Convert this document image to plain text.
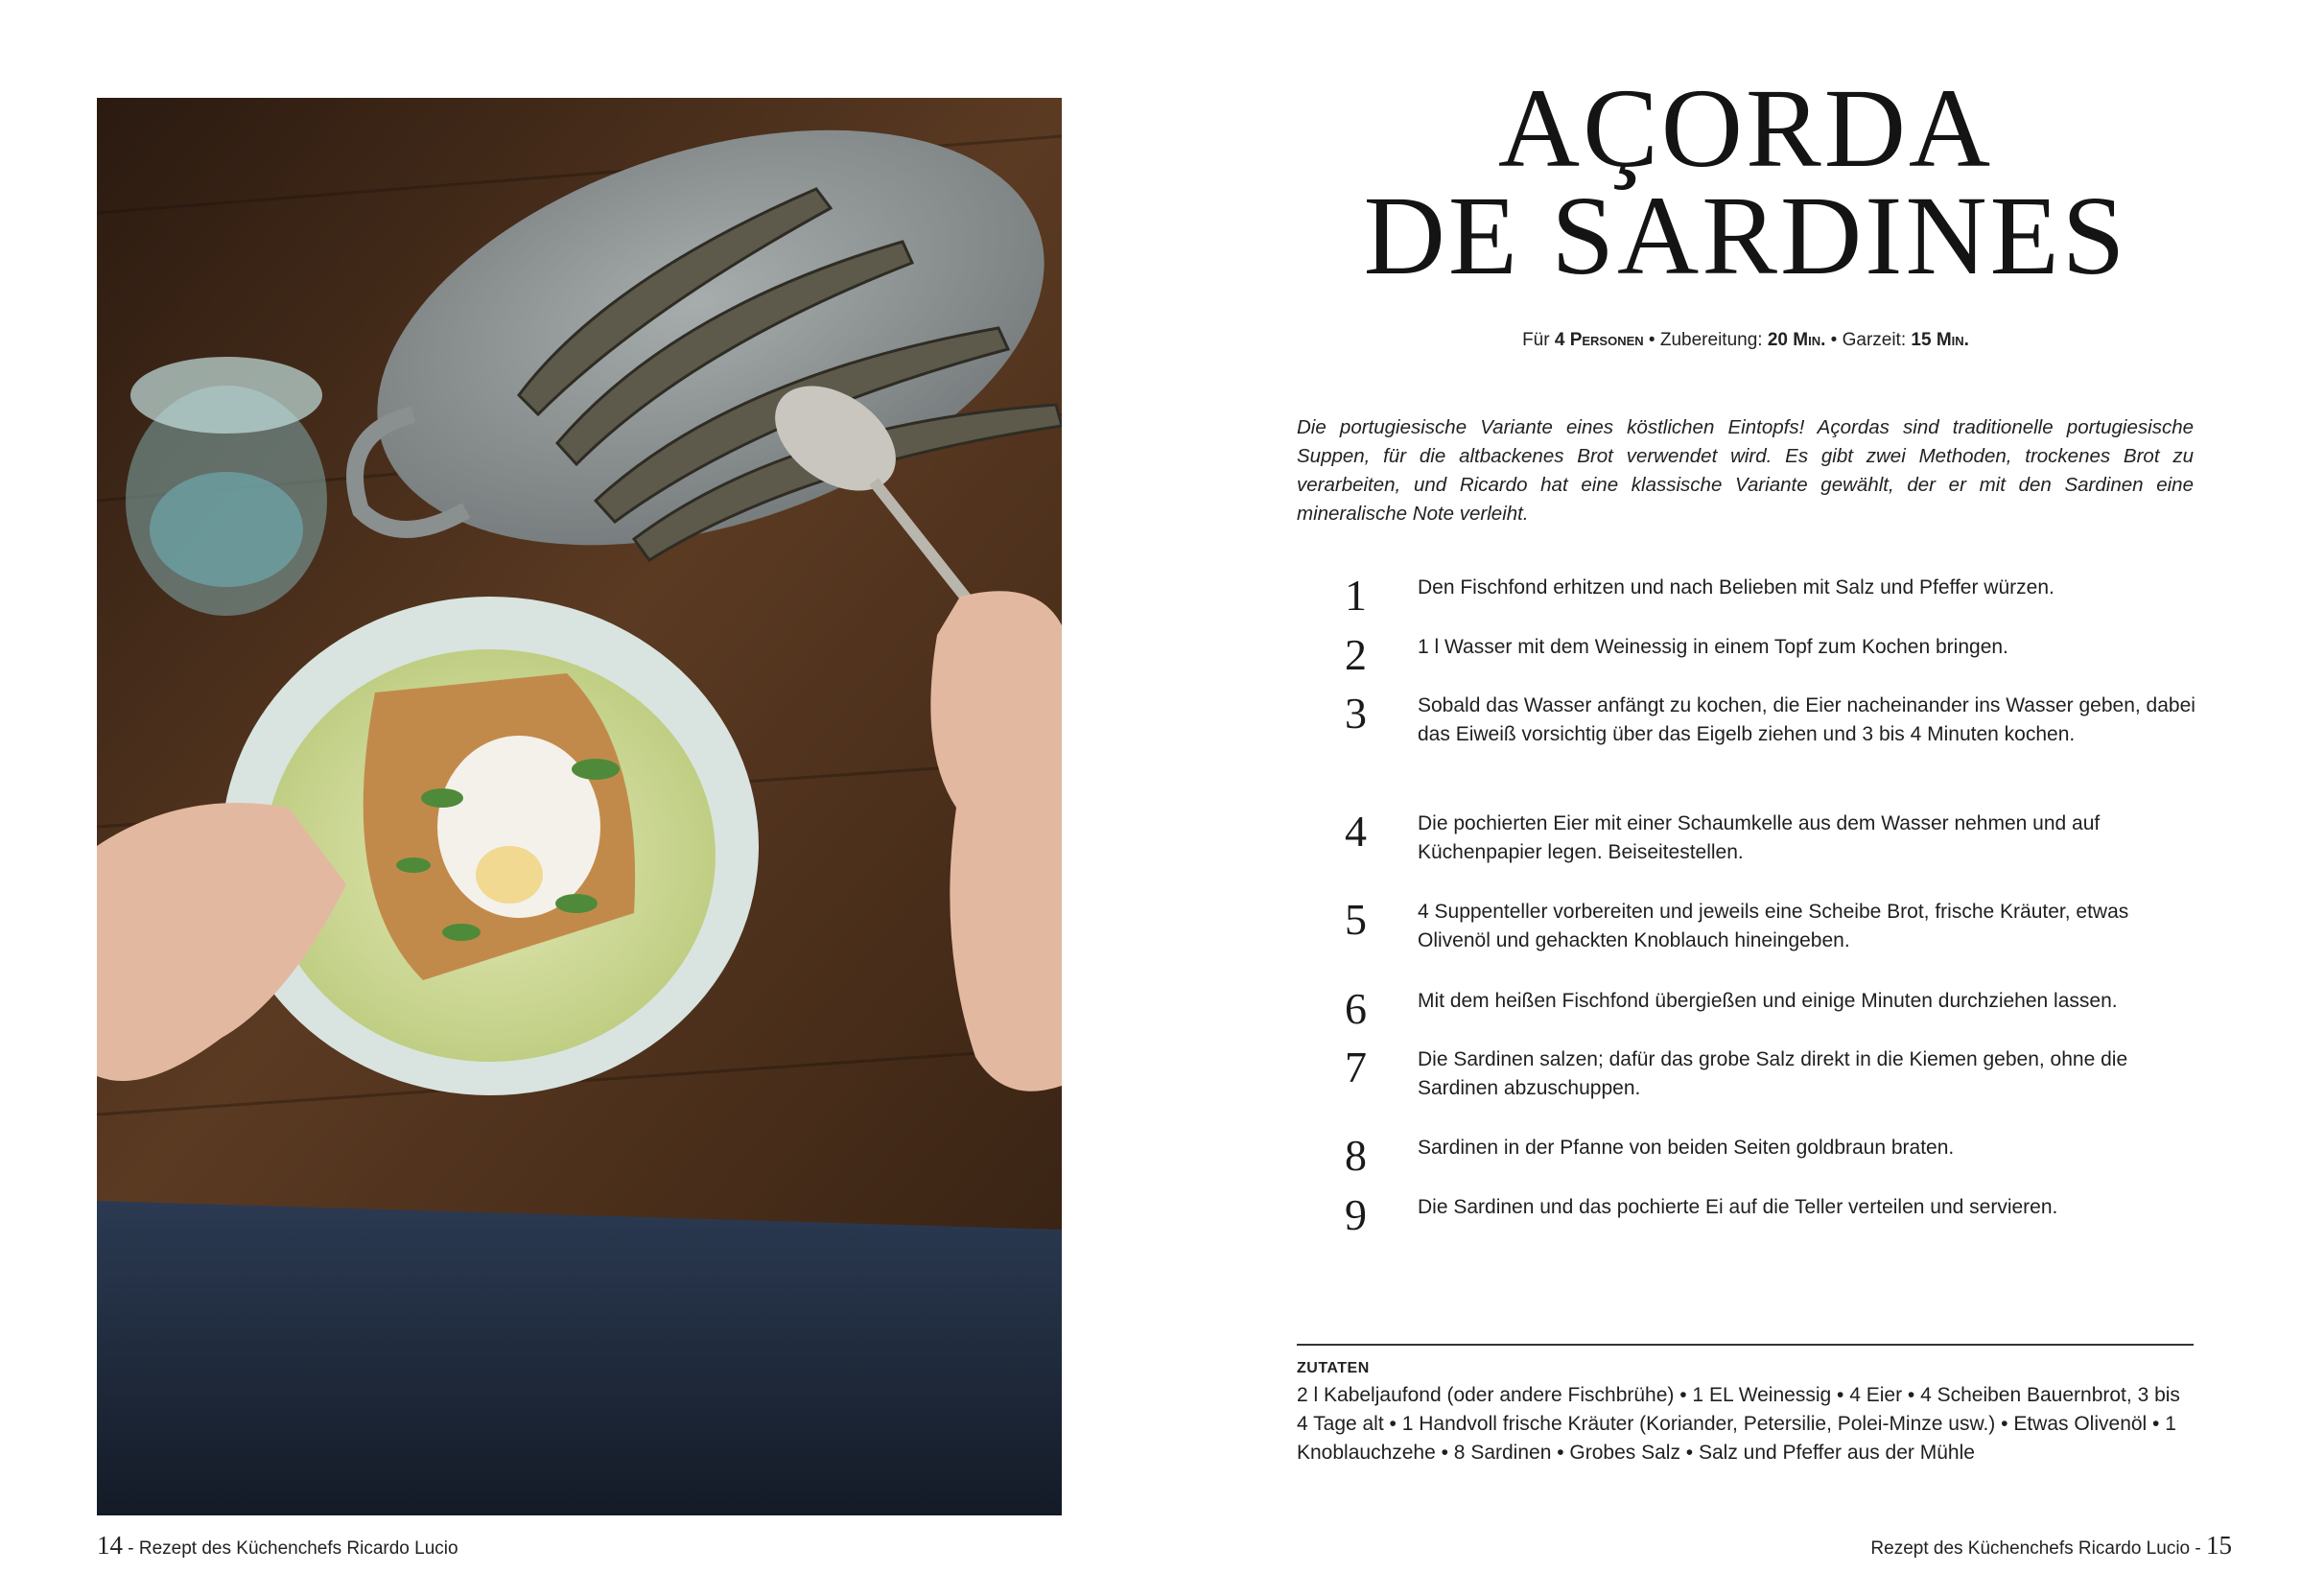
14 - Rezept des Küchenchefs Ricardo Lucio
AÇORDA
DE SARDINES
Für 4 Personen • Zubereitung: 20 Min. • Garzeit: 15 Min.

Die portugiesische Variante eines köstlichen Eintopfs! Açordas sind traditionelle portugiesische Suppen, für die altbackenes Brot verwendet wird. Es gibt zwei Methoden, trockenes Brot zu verarbeiten, und Ricardo hat eine klassische Variante gewählt, der er mit den Sardinen eine mineralische Note verleiht.

1	Den Fischfond erhitzen und nach Belieben mit Salz und Pfeffer würzen.
2	1 l Wasser mit dem Weinessig in einem Topf zum Kochen bringen.
3	Sobald das Wasser anfängt zu kochen, die Eier nacheinander ins Wasser geben, dabei das Eiweiß vorsichtig über das Eigelb ziehen und 3 bis 4 Minuten kochen.
4	Die pochierten Eier mit einer Schaumkelle aus dem Wasser nehmen und auf Küchenpapier legen. Beiseitestellen.
5	4 Suppenteller vorbereiten und jeweils eine Scheibe Brot, frische Kräuter, etwas Olivenöl und gehackten Knoblauch hineingeben.
6	Mit dem heißen Fischfond übergießen und einige Minuten durchziehen lassen.
7	Die Sardinen salzen; dafür das grobe Salz direkt in die Kiemen geben, ohne die Sardinen abzuschuppen.
8	Sardinen in der Pfanne von beiden Seiten goldbraun braten.
9	Die Sardinen und das pochierte Ei auf die Teller verteilen und servieren.
ZUTATEN
2 l Kabeljaufond (oder andere Fischbrühe) • 1 EL Weinessig • 4 Eier • 4 Scheiben Bauernbrot, 3 bis 4 Tage alt • 1 Handvoll frische Kräuter (Koriander, Petersilie, Polei-Minze usw.) • Etwas Olivenöl • 1 Knoblauchzehe • 8 Sardinen • Grobes Salz • Salz und Pfeffer aus der Mühle
Rezept des Küchenchefs Ricardo Lucio - 15
